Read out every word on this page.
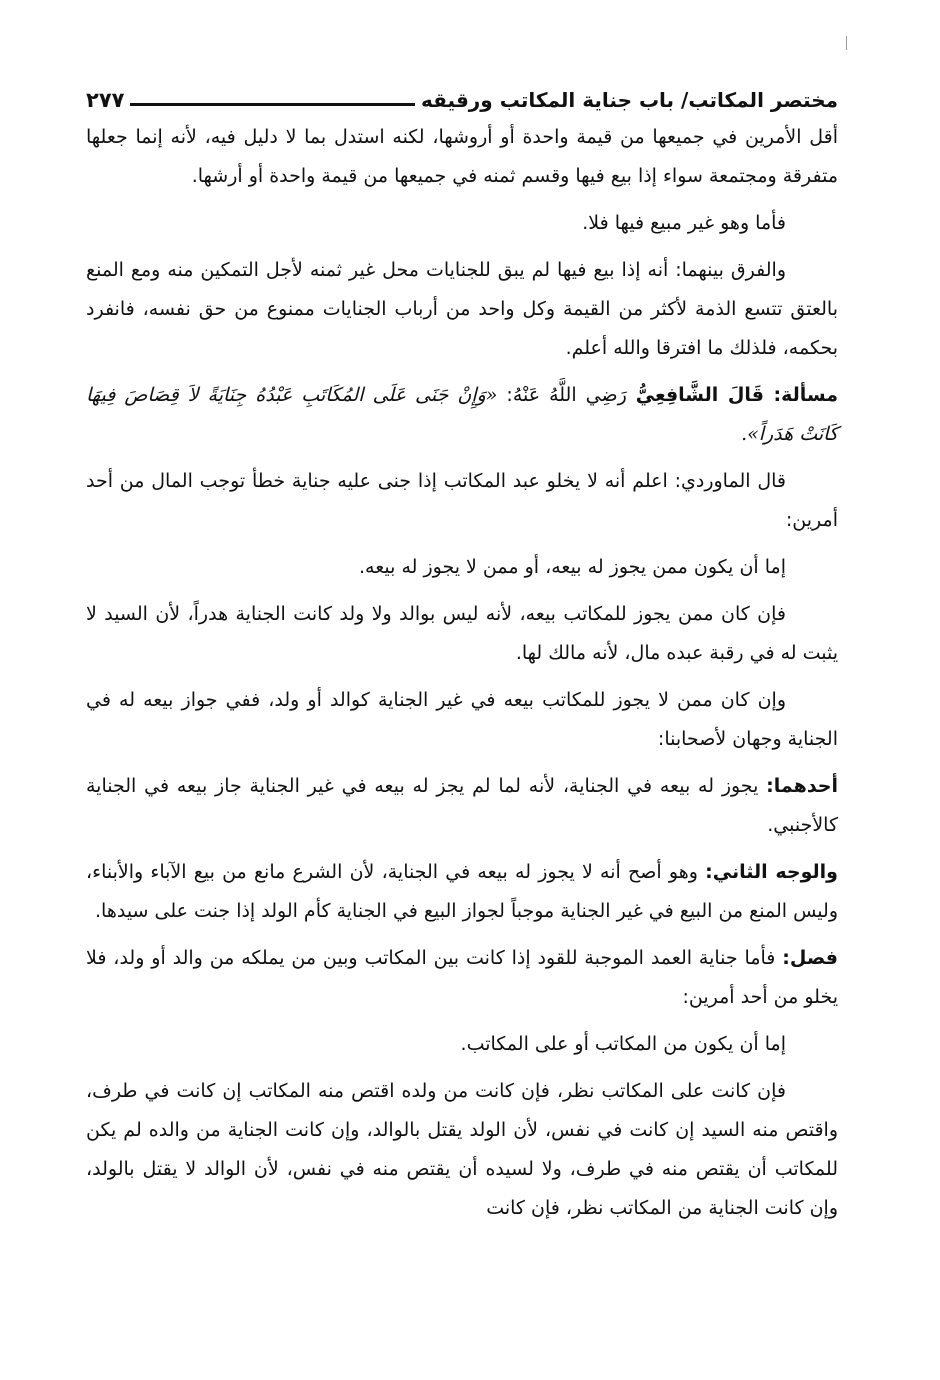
مختصر المكاتب/ باب جناية المكاتب ورقيقه
٢٧٧

أقل الأمرين في جميعها من قيمة واحدة أو أروشها، لكنه استدل بما لا دليل فيه، لأنه إنما جعلها متفرقة ومجتمعة سواء إذا بيع فيها وقسم ثمنه في جميعها من قيمة واحدة أو أرشها.

فأما وهو غير مبيع فيها فلا.

والفرق بينهما: أنه إذا بيع فيها لم يبق للجنايات محل غير ثمنه لأجل التمكين منه ومع المنع بالعتق تتسع الذمة لأكثر من القيمة وكل واحد من أرباب الجنايات ممنوع من حق نفسه، فانفرد بحكمه، فلذلك ما افترقا والله أعلم.

مسألة: قَالَ الشَّافِعِيُّ رَضِي اللَّهُ عَنْهُ: «وَإِنْ جَنَى عَلَى المُكَاتَبِ عَبْدُهُ جِنَايَةً لاَ قِصَاصَ فِيهَا كَانَتْ هَدَراً».

قال الماوردي: اعلم أنه لا يخلو عبد المكاتب إذا جنى عليه جناية خطأ توجب المال من أحد أمرين:

إما أن يكون ممن يجوز له بيعه، أو ممن لا يجوز له بيعه.

فإن كان ممن يجوز للمكاتب بيعه، لأنه ليس بوالد ولا ولد كانت الجناية هدراً، لأن السيد لا يثبت له في رقبة عبده مال، لأنه مالك لها.

وإن كان ممن لا يجوز للمكاتب بيعه في غير الجناية كوالد أو ولد، ففي جواز بيعه له في الجناية وجهان لأصحابنا:

أحدهما: يجوز له بيعه في الجناية، لأنه لما لم يجز له بيعه في غير الجناية جاز بيعه في الجناية كالأجنبي.

والوجه الثاني: وهو أصح أنه لا يجوز له بيعه في الجناية، لأن الشرع مانع من بيع الآباء والأبناء، وليس المنع من البيع في غير الجناية موجباً لجواز البيع في الجناية كأم الولد إذا جنت على سيدها.

فصل: فأما جناية العمد الموجبة للقود إذا كانت بين المكاتب وبين من يملكه من والد أو ولد، فلا يخلو من أحد أمرين:

إما أن يكون من المكاتب أو على المكاتب.

فإن كانت على المكاتب نظر، فإن كانت من ولده اقتص منه المكاتب إن كانت في طرف، واقتص منه السيد إن كانت في نفس، لأن الولد يقتل بالوالد، وإن كانت الجناية من والده لم يكن للمكاتب أن يقتص منه في طرف، ولا لسيده أن يقتص منه في نفس، لأن الوالد لا يقتل بالولد، وإن كانت الجناية من المكاتب نظر، فإن كانت
